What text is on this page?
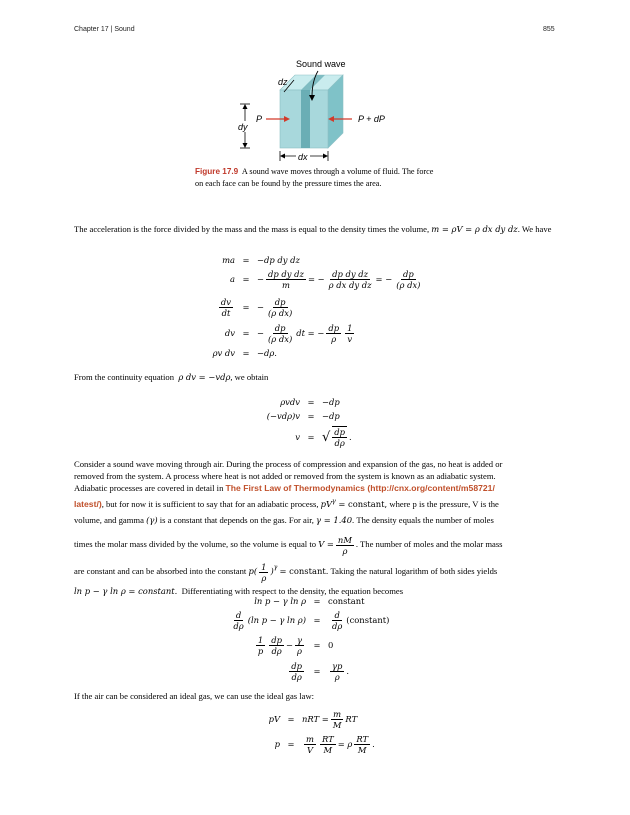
Chapter 17 | Sound	855
Sound wave
dz
dy
P	P + dP
dx
Figure 17.9 A sound wave moves through a volume of fluid. The force on each face can be found by the pressure times the area.
The acceleration is the force divided by the mass and the mass is equal to the density times the volume, m = ρV = ρ dx dy dz. We have
ma = −dp dy dz
a = − $\frac{\text{dp dy dz}}{m}$ = − $\frac{\text{dp dy dz}}{\text{ρ dx dy dz}}$ = − $\frac{dp}{\text{(ρ dx)}}$
$\frac{dv}{dt}$	= − $\frac{dp}{\text{(ρ dx)}}$
dv = − $\frac{dp}{\text{(ρ dx)}}$ dt = − $\frac{dp}{\rho} \frac{1}{v}$
ρv dv = −dρ.
From the continuity equation ρ dv = −vdρ, we obtain
ρvdv = −dp
(−vdρ)v = −dp
v = √ $\frac{dp}{d\rho}$ .
Consider a sound wave moving through air. During the process of compression and expansion of the gas, no heat is added or
removed from the system. A process where heat is not added or removed from the system is known as an adiabatic system.
Adiabatic processes are covered in detail in The First Law of Thermodynamics (http://cnx.org/content/m58721/
latest/), but for now it is sufficient to say that for an adiabatic process, $pV^\gamma$ = constant, where p is the pressure, V is the
volume, and gamma (γ) is a constant that depends on the gas. For air, γ = 1.40. The density equals the number of moles
times the molar mass divided by the volume, so the volume is equal to
$V = \frac{nM}{\rho}$ . The number of moles and the molar mass
are constant and can be absorbed into the constant
p ( $\frac{1}{\rho} )^\gamma$
= constant.
Taking the natural logarithm of both sides yields
ln p − γ ln ρ = constant. Differentiating with respect to the density, the equation becomes
ln p − γ ln ρ = constant
$\frac{d}{d\rho} (\ln$ p − γ ln ρ) =	$\frac{d}{d\rho}$ (constant)
$\frac{1}{p} \frac{dp}{d\rho} - \frac{\gamma}{\rho}$	= 0
$\frac{dp}{d\rho}$	=	$\frac{\gamma p}{\rho}$ .
If the air can be considered an ideal gas, we can use the ideal gas law:
pV = nRT = $\frac{m}{M}$ RT
p =	$\frac{m}{V} \frac{RT}{M} = \rho \frac{RT}{M}$ .
